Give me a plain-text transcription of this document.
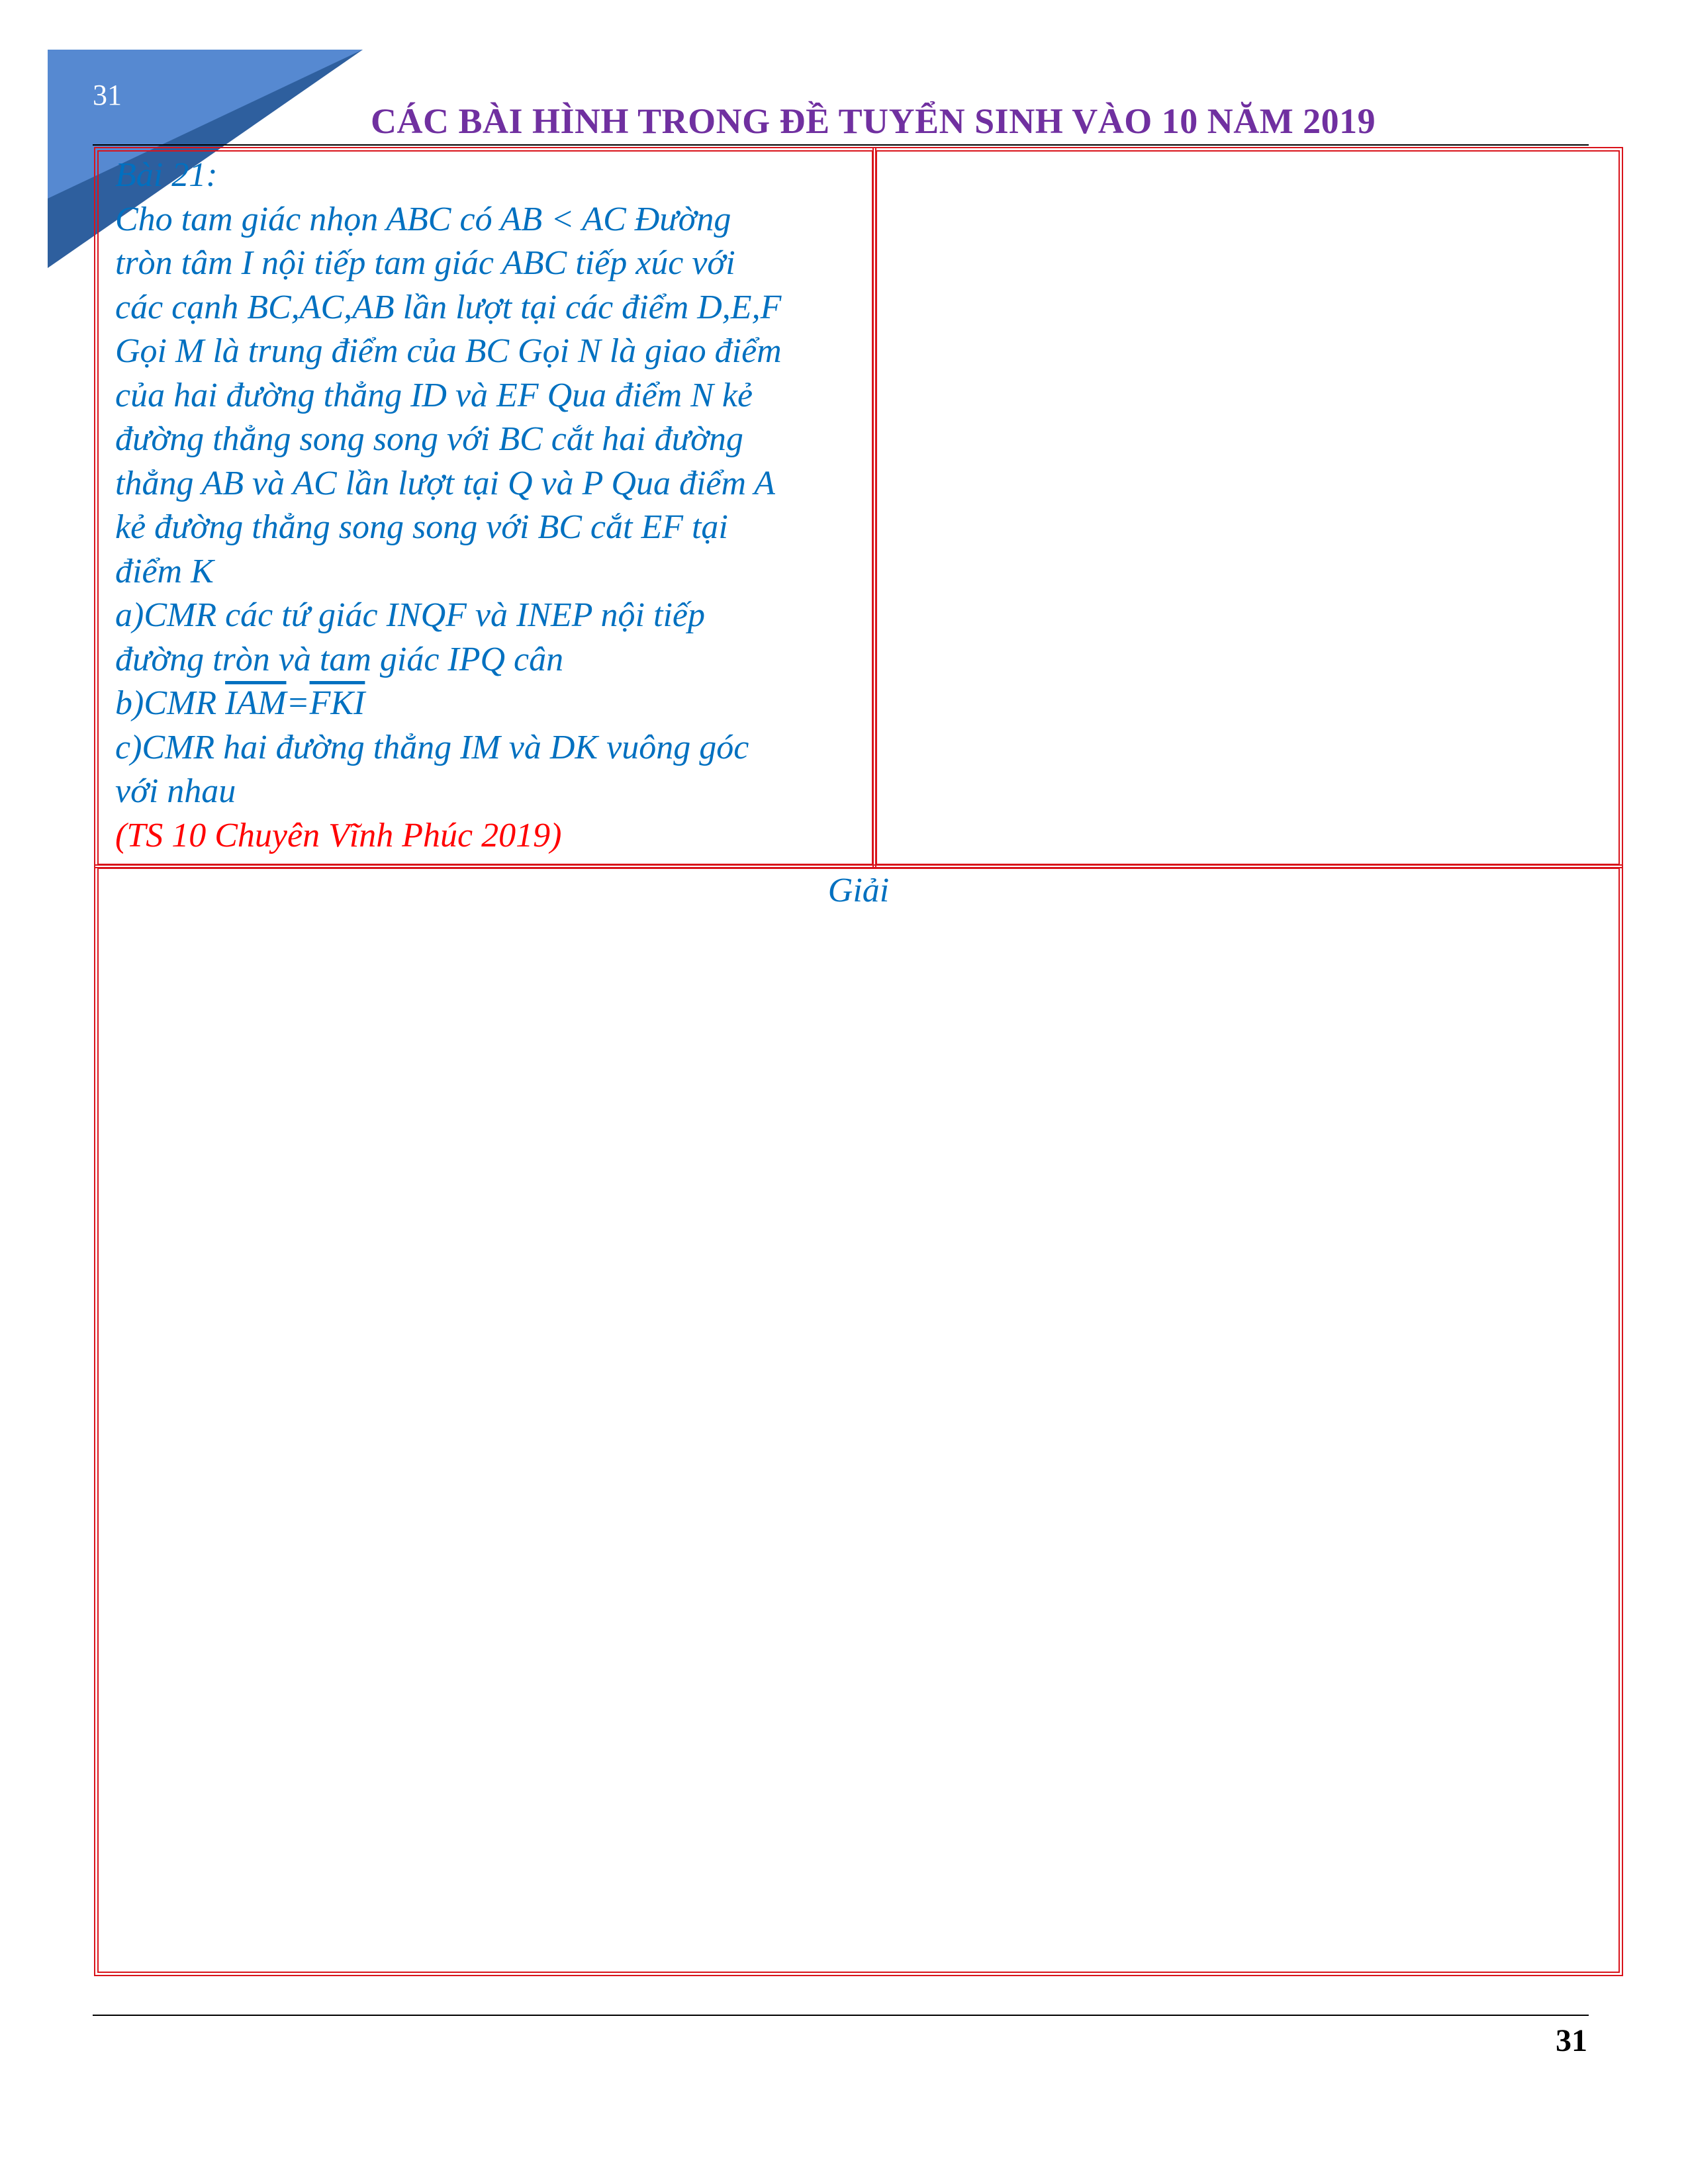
31
CÁC BÀI HÌNH TRONG ĐỀ TUYỂN SINH VÀO 10 NĂM 2019

Bài 21:

Cho tam giác nhọn ABC có AB < AC Đường

tròn tâm I nội tiếp tam giác ABC tiếp xúc với

các cạnh BC,AC,AB lần lượt tại các điểm D,E,F

Gọi M là trung điểm của BC Gọi N là giao điểm

của hai đường thẳng ID và EF Qua điểm N kẻ

đường thẳng song song với BC cắt hai đường

thẳng AB và AC lần lượt tại Q và P Qua điểm A

kẻ đường thẳng song song với BC cắt EF tại

điểm K

a)CMR các tứ giác INQF và INEP nội tiếp

đường tròn và tam giác IPQ cân

b)CMR $\overline{IAM}=\overline{FKI}$

c)CMR hai đường thẳng IM và DK vuông góc

với nhau

(TS 10 Chuyên Vĩnh Phúc 2019)

Giải
31
